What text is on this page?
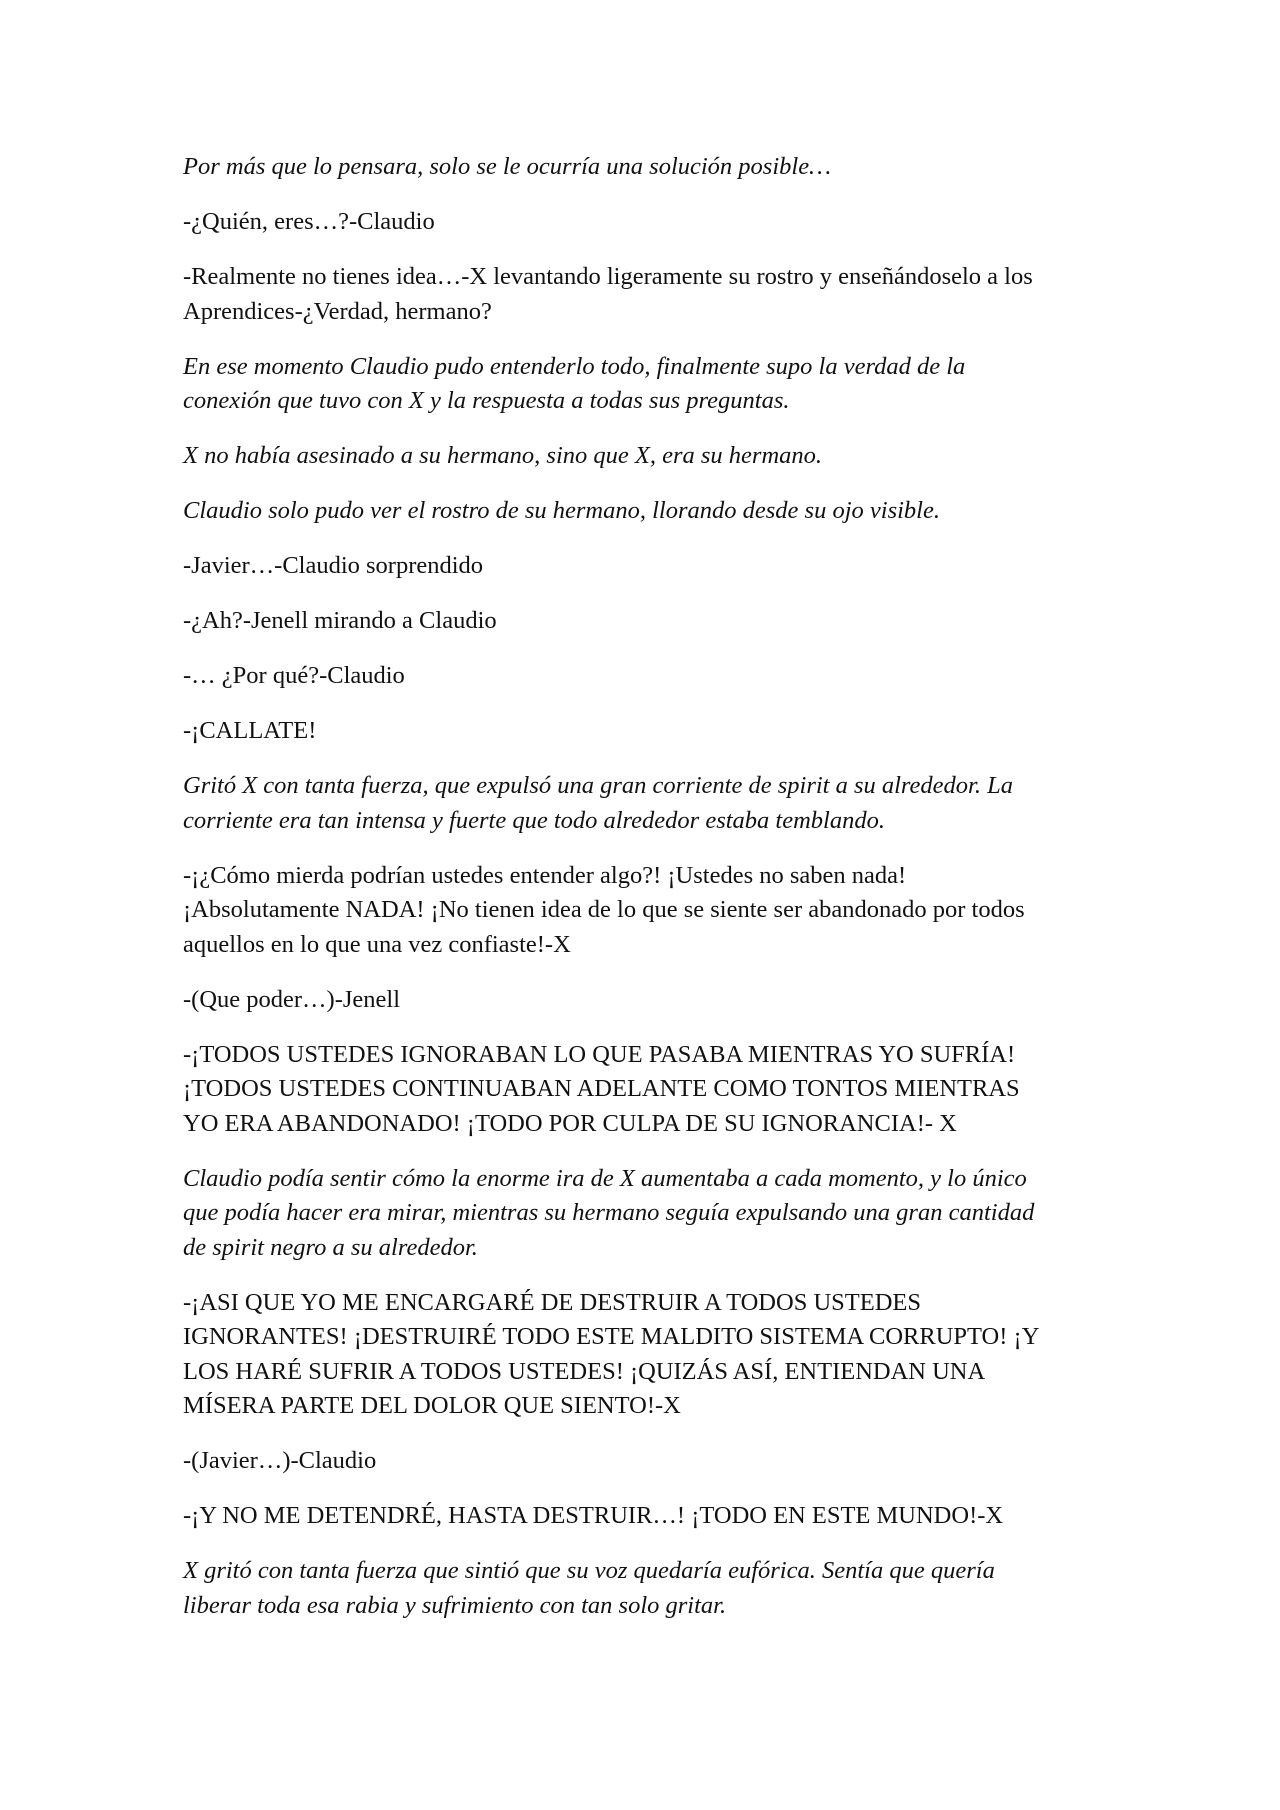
Por más que lo pensara, solo se le ocurría una solución posible…

-¿Quién, eres…?-Claudio

-Realmente no tienes idea…-X levantando ligeramente su rostro y enseñándoselo a los
Aprendices-¿Verdad, hermano?

En ese momento Claudio pudo entenderlo todo, finalmente supo la verdad de la
conexión que tuvo con X y la respuesta a todas sus preguntas.

X no había asesinado a su hermano, sino que X, era su hermano.

Claudio solo pudo ver el rostro de su hermano, llorando desde su ojo visible.

-Javier…-Claudio sorprendido

-¿Ah?-Jenell mirando a Claudio

-… ¿Por qué?-Claudio

-¡CALLATE!

Gritó X con tanta fuerza, que expulsó una gran corriente de spirit a su alrededor. La
corriente era tan intensa y fuerte que todo alrededor estaba temblando.

-¡¿Cómo mierda podrían ustedes entender algo?! ¡Ustedes no saben nada!
¡Absolutamente NADA! ¡No tienen idea de lo que se siente ser abandonado por todos
aquellos en lo que una vez confiaste!-X

-(Que poder…)-Jenell

-¡TODOS USTEDES IGNORABAN LO QUE PASABA MIENTRAS YO SUFRÍA!
¡TODOS USTEDES CONTINUABAN ADELANTE COMO TONTOS MIENTRAS
YO ERA ABANDONADO! ¡TODO POR CULPA DE SU IGNORANCIA!- X

Claudio podía sentir cómo la enorme ira de X aumentaba a cada momento, y lo único
que podía hacer era mirar, mientras su hermano seguía expulsando una gran cantidad
de spirit negro a su alrededor.

-¡ASI QUE YO ME ENCARGARÉ DE DESTRUIR A TODOS USTEDES
IGNORANTES! ¡DESTRUIRÉ TODO ESTE MALDITO SISTEMA CORRUPTO! ¡Y
LOS HARÉ SUFRIR A TODOS USTEDES! ¡QUIZÁS ASÍ, ENTIENDAN UNA
MÍSERA PARTE DEL DOLOR QUE SIENTO!-X

-(Javier…)-Claudio

-¡Y NO ME DETENDRÉ, HASTA DESTRUIR…! ¡TODO EN ESTE MUNDO!-X

X gritó con tanta fuerza que sintió que su voz quedaría eufórica. Sentía que quería
liberar toda esa rabia y sufrimiento con tan solo gritar.
